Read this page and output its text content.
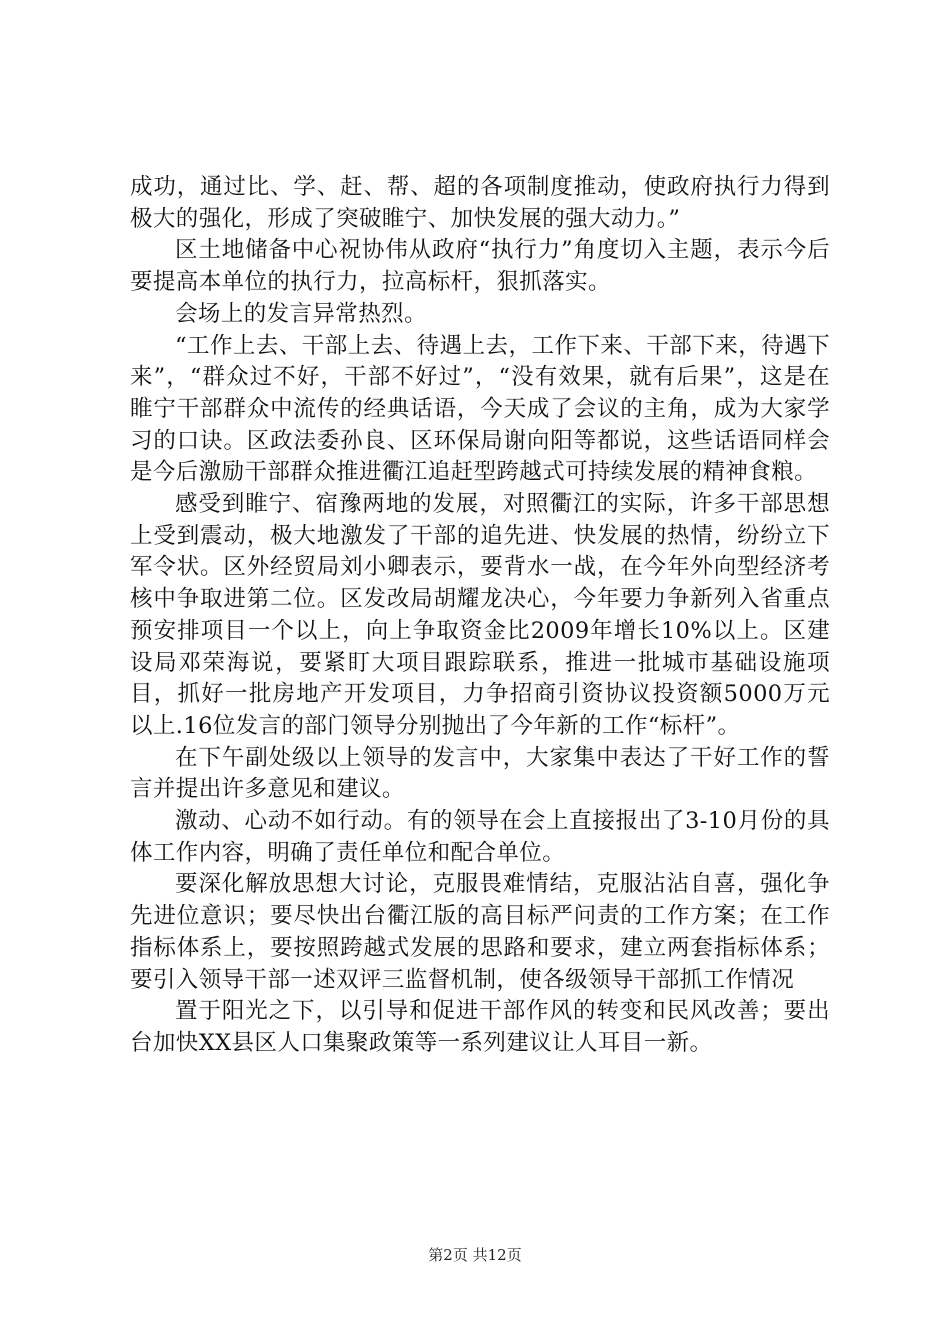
成功，通过比、学、赶、帮、超的各项制度推动，使政府执行力得到极大的强化，形成了突破睢宁、加快发展的强大动力。”

区土地储备中心祝协伟从政府“执行力”角度切入主题，表示今后要提高本单位的执行力，拉高标杆，狠抓落实。

会场上的发言异常热烈。

“工作上去、干部上去、待遇上去，工作下来、干部下来，待遇下来”，“群众过不好，干部不好过”，“没有效果，就有后果”，这是在睢宁干部群众中流传的经典话语，今天成了会议的主角，成为大家学习的口诀。区政法委孙良、区环保局谢向阳等都说，这些话语同样会是今后激励干部群众推进衢江追赶型跨越式可持续发展的精神食粮。

感受到睢宁、宿豫两地的发展，对照衢江的实际，许多干部思想上受到震动，极大地激发了干部的追先进、快发展的热情，纷纷立下军令状。区外经贸局刘小卿表示，要背水一战，在今年外向型经济考核中争取进第二位。区发改局胡耀龙决心，今年要力争新列入省重点预安排项目一个以上，向上争取资金比2009年增长10%以上。区建设局邓荣海说，要紧盯大项目跟踪联系，推进一批城市基础设施项目，抓好一批房地产开发项目，力争招商引资协议投资额5000万元以上.16位发言的部门领导分别抛出了今年新的工作“标杆”。

在下午副处级以上领导的发言中，大家集中表达了干好工作的誓言并提出许多意见和建议。

激动、心动不如行动。有的领导在会上直接报出了3-10月份的具体工作内容，明确了责任单位和配合单位。

要深化解放思想大讨论，克服畏难情结，克服沾沾自喜，强化争先进位意识；要尽快出台衢江版的高目标严问责的工作方案；在工作指标体系上，要按照跨越式发展的思路和要求，建立两套指标体系；要引入领导干部一述双评三监督机制，使各级领导干部抓工作情况

置于阳光之下，以引导和促进干部作风的转变和民风改善；要出台加快XX县区人口集聚政策等一系列建议让人耳目一新。

第2页 共12页
